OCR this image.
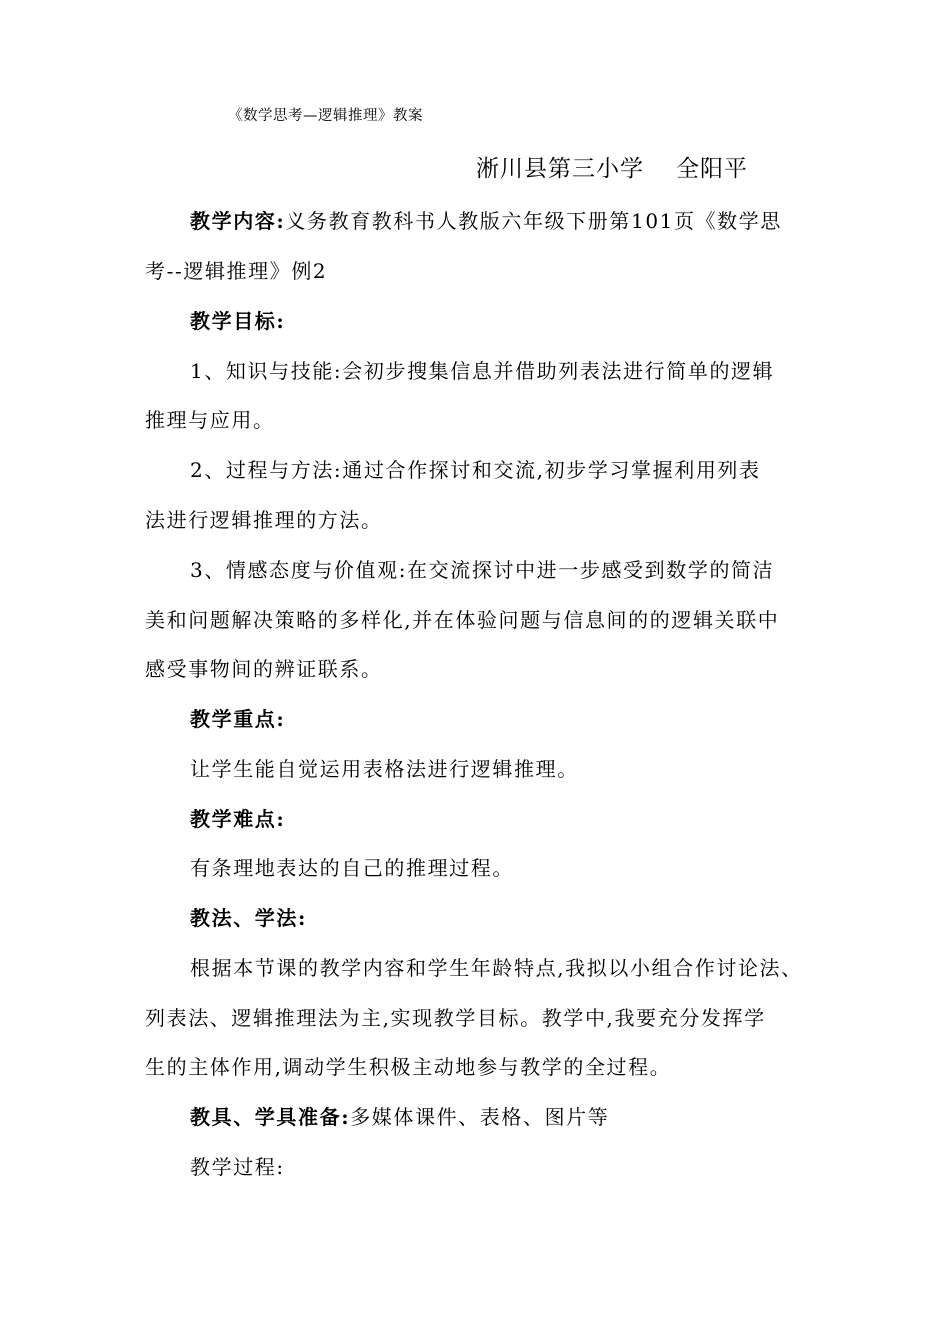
《数学思考—逻辑推理》教案
淅川县第三小学 全阳平
教学内容:义务教育教科书人教版六年级下册第101页《数学思
考--逻辑推理》例2
教学目标:
1、知识与技能:会初步搜集信息并借助列表法进行简单的逻辑
推理与应用。
2、过程与方法:通过合作探讨和交流,初步学习掌握利用列表
法进行逻辑推理的方法。
3、情感态度与价值观:在交流探讨中进一步感受到数学的简洁
美和问题解决策略的多样化,并在体验问题与信息间的的逻辑关联中
感受事物间的辨证联系。
教学重点:
让学生能自觉运用表格法进行逻辑推理。
教学难点:
有条理地表达的自己的推理过程。
教法、学法:
根据本节课的教学内容和学生年龄特点,我拟以小组合作讨论法、
列表法、逻辑推理法为主,实现教学目标。教学中,我要充分发挥学
生的主体作用,调动学生积极主动地参与教学的全过程。
教具、学具准备:多媒体课件、表格、图片等
教学过程:
